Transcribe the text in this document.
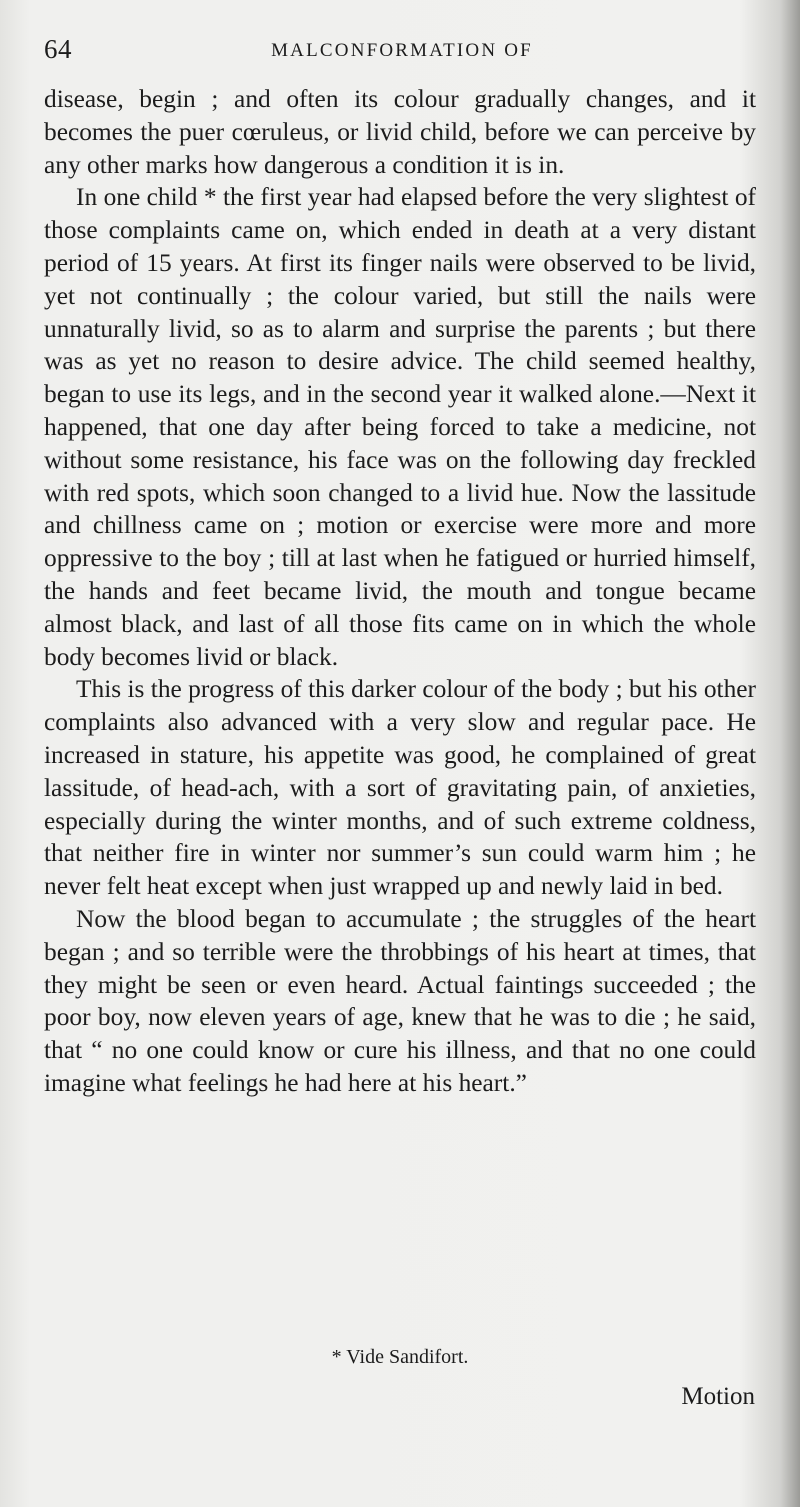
64	MALCONFORMATION OF

disease, begin ; and often its colour gradually changes, and it becomes the puer cœruleus, or livid child, before we can perceive by any other marks how dangerous a condition it is in.

In one child * the first year had elapsed before the very slightest of those complaints came on, which ended in death at a very distant period of 15 years. At first its finger nails were observed to be livid, yet not continually ; the colour varied, but still the nails were unnaturally livid, so as to alarm and surprise the parents ; but there was as yet no reason to desire advice. The child seemed healthy, began to use its legs, and in the second year it walked alone.—Next it happened, that one day after being forced to take a medicine, not without some resistance, his face was on the following day freckled with red spots, which soon changed to a livid hue. Now the lassitude and chillness came on ; motion or exercise were more and more oppressive to the boy ; till at last when he fatigued or hurried himself, the hands and feet became livid, the mouth and tongue became almost black, and last of all those fits came on in which the whole body becomes livid or black.

This is the progress of this darker colour of the body ; but his other complaints also advanced with a very slow and regular pace. He increased in stature, his appetite was good, he complained of great lassitude, of head-ach, with a sort of gravitating pain, of anxieties, especially during the winter months, and of such extreme coldness, that neither fire in winter nor summer’s sun could warm him ; he never felt heat except when just wrapped up and newly laid in bed.

Now the blood began to accumulate ; the struggles of the heart began ; and so terrible were the throbbings of his heart at times, that they might be seen or even heard. Actual faintings succeeded ; the poor boy, now eleven years of age, knew that he was to die ; he said, that “ no one could know or cure his illness, and that no one could imagine what feelings he had here at his heart.”

* Vide Sandifort.
Motion
